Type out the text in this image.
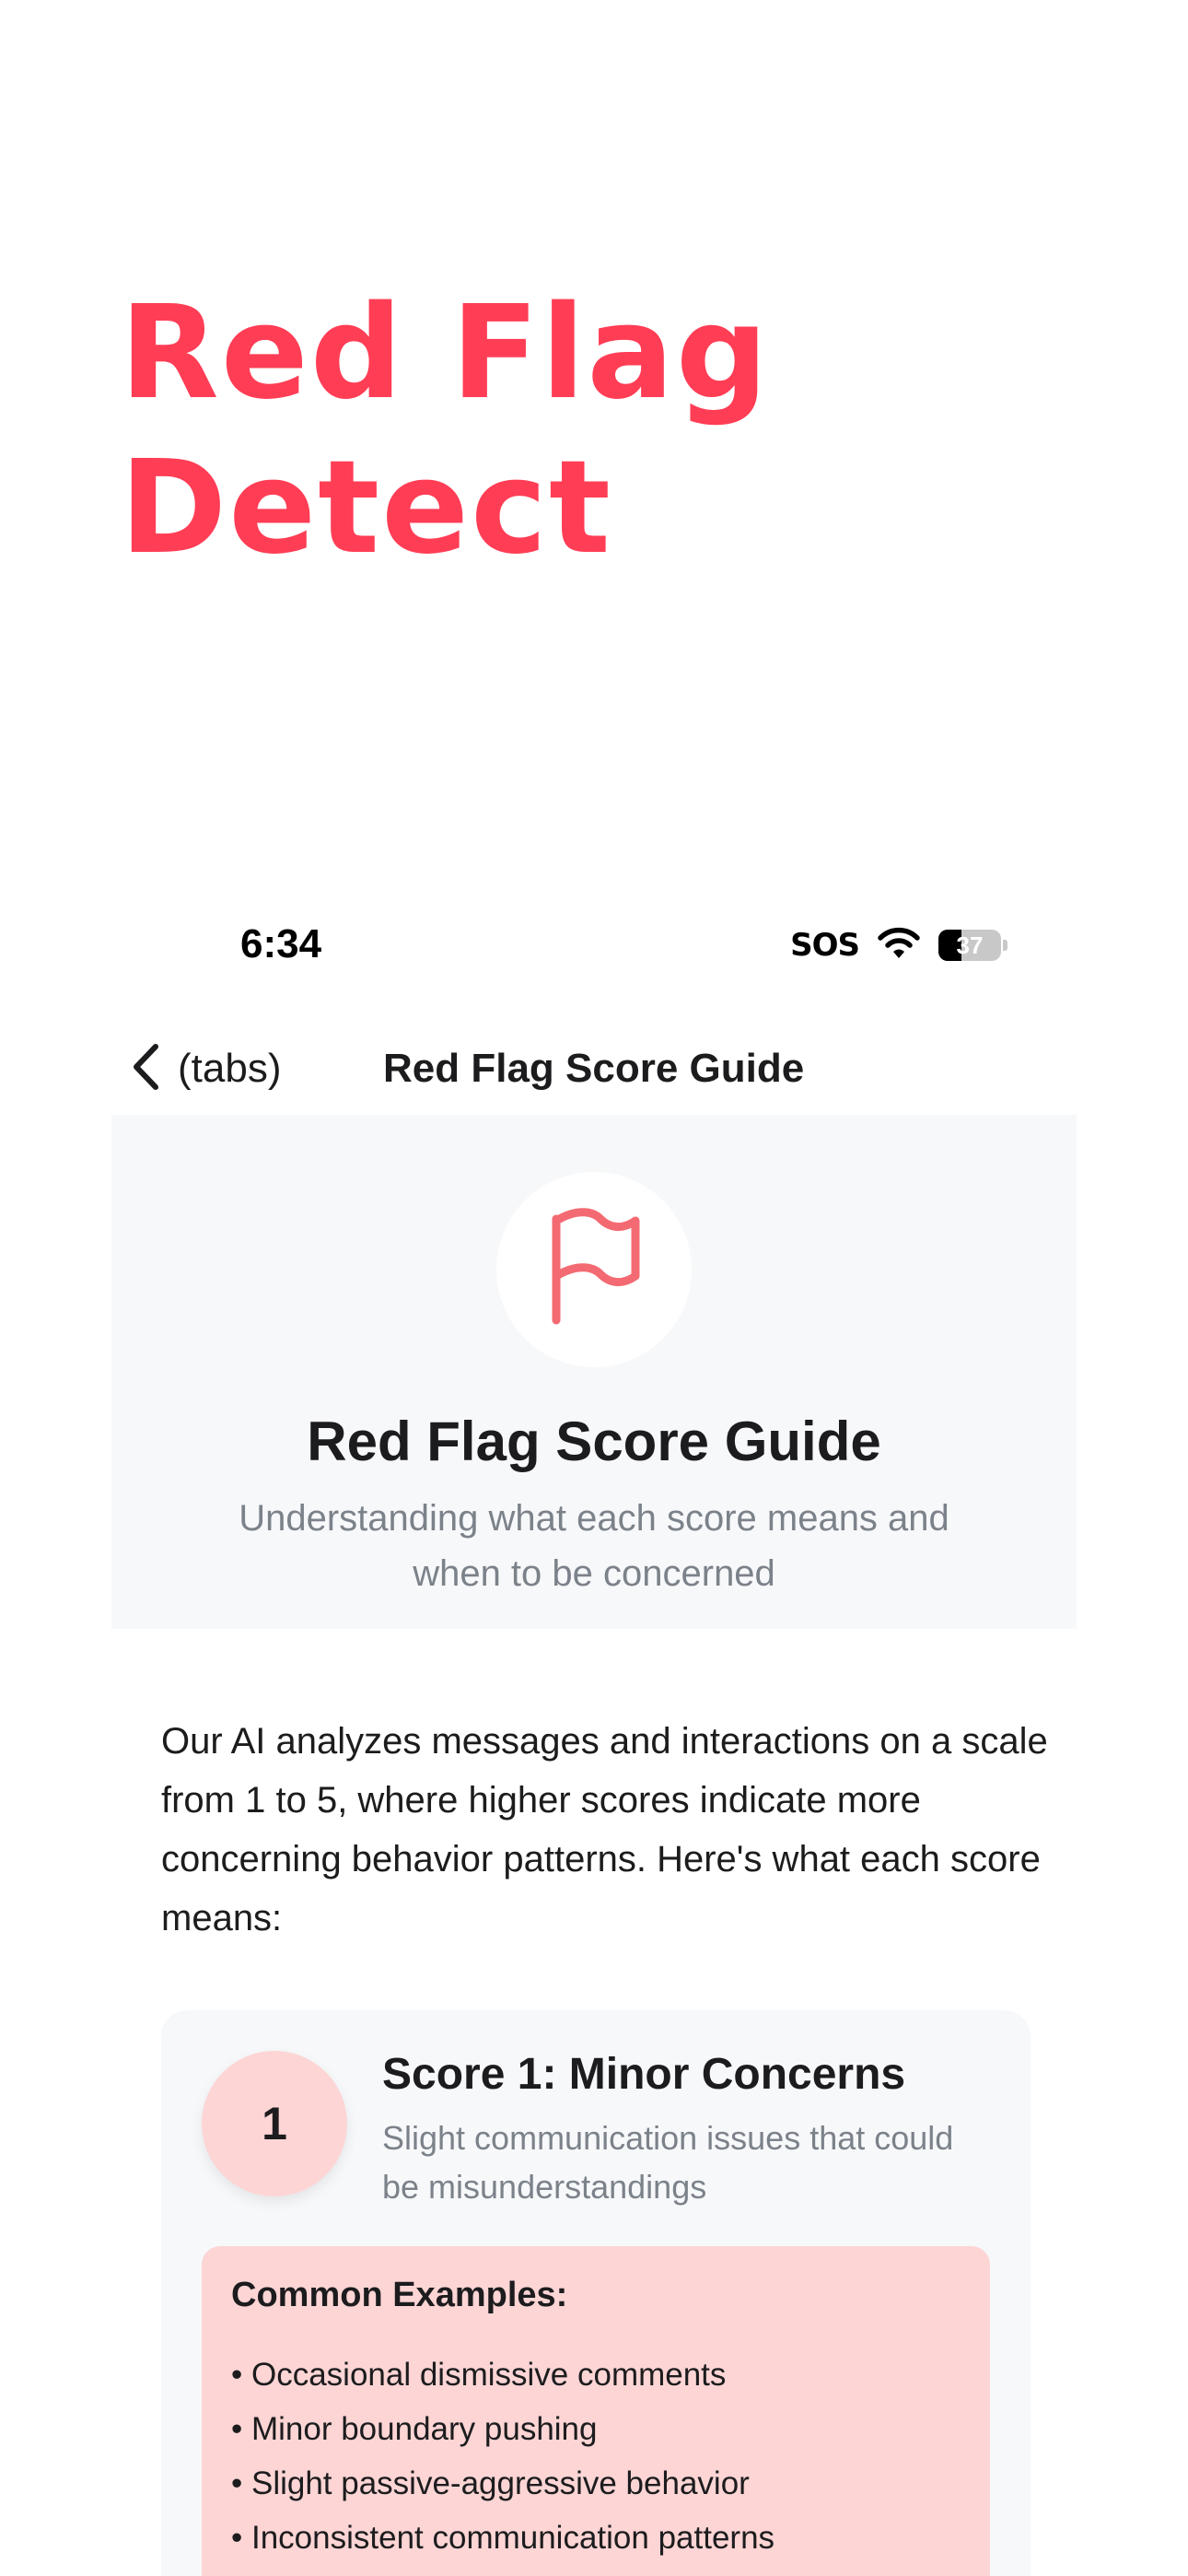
Red Flag
Detect
6:34	SOS	37
(tabs)	Red Flag Score Guide
Red Flag Score Guide
Understanding what each score means and when to be concerned
Our AI analyzes messages and interactions on a scale from 1 to 5, where higher scores indicate more concerning behavior patterns. Here's what each score means:
1
Score 1: Minor Concerns
Slight communication issues that could be misunderstandings
Common Examples:
• Occasional dismissive comments
• Minor boundary pushing
• Slight passive-aggressive behavior
• Inconsistent communication patterns
